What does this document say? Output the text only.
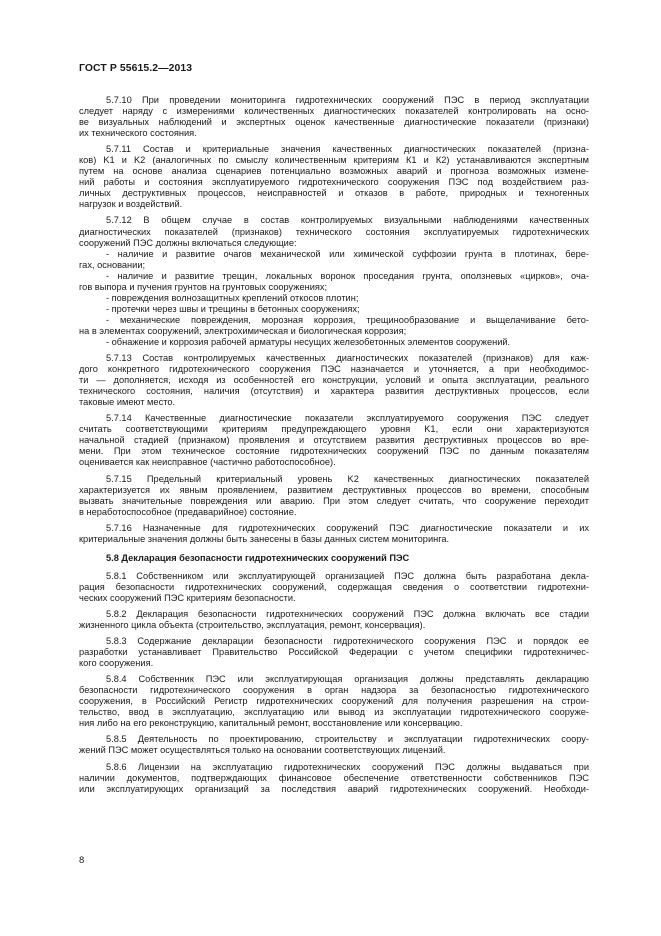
ГОСТ Р 55615.2—2013
5.7.10 При проведении мониторинга гидротехнических сооружений ПЭС в период эксплуатации
следует наряду с измерениями количественных диагностических показателей контролировать на осно-
ве визуальных наблюдений и экспертных оценок качественные диагностические показатели (признаки)
их технического состояния.
5.7.11 Состав и критериальные значения качественных диагностических показателей (призна-
ков) K1 и K2 (аналогичных по смыслу количественным критериям К1 и К2) устанавливаются экспертным
путем на основе анализа сценариев потенциально возможных аварий и прогноза возможных измене-
ний работы и состояния эксплуатируемого гидротехнического сооружения ПЭС под воздействием раз-
личных деструктивных процессов, неисправностей и отказов в работе, природных и техногенных
нагрузок и воздействий.
5.7.12 В общем случае в состав контролируемых визуальными наблюдениями качественных
диагностических показателей (признаков) технического состояния эксплуатируемых гидротехнических
сооружений ПЭС должны включаться следующие:
- наличие и развитие очагов механической или химической суффозии грунта в плотинах, бере-
гах, основании;
- наличие и развитие трещин, локальных воронок проседания грунта, оползневых «цирков», оча-
гов выпора и пучения грунтов на грунтовых сооружениях;
- повреждения волнозащитных креплений откосов плотин;
- протечки через швы и трещины в бетонных сооружениях;
- механические повреждения, морозная коррозия, трещинообразование и выщелачивание бето-
на в элементах сооружений, электрохимическая и биологическая коррозия;
- обнажение и коррозия рабочей арматуры несущих железобетонных элементов сооружений.
5.7.13 Состав контролируемых качественных диагностических показателей (признаков) для каж-
дого конкретного гидротехнического сооружения ПЭС назначается и уточняется, а при необходимос-
ти — дополняется, исходя из особенностей его конструкции, условий и опыта эксплуатации, реального
технического состояния, наличия (отсутствия) и характера развития деструктивных процессов, если
таковые имеют место.
5.7.14 Качественные диагностические показатели эксплуатируемого сооружения ПЭС следует
считать соответствующими критериям предупреждающего уровня K1, если они характеризуются
начальной стадией (признаком) проявления и отсутствием развития деструктивных процессов во вре-
мени. При этом техническое состояние гидротехнических сооружений ПЭС по данным показателям
оценивается как неисправное (частично работоспособное).
5.7.15 Предельный критериальный уровень K2 качественных диагностических показателей
характеризуется их явным проявлением, развитием деструктивных процессов во времени, способным
вызвать значительные повреждения или аварию. При этом следует считать, что сооружение переходит
в неработоспособное (предаварийное) состояние.
5.7.16 Назначенные для гидротехнических сооружений ПЭС диагностические показатели и их
критериальные значения должны быть занесены в базы данных систем мониторинга.
5.8 Декларация безопасности гидротехнических сооружений ПЭС
5.8.1 Собственником или эксплуатирующей организацией ПЭС должна быть разработана декла-
рация безопасности гидротехнических сооружений, содержащая сведения о соответствии гидротехни-
ческих сооружений ПЭС критериям безопасности.
5.8.2 Декларация безопасности гидротехнических сооружений ПЭС должна включать все стадии
жизненного цикла объекта (строительство, эксплуатация, ремонт, консервация).
5.8.3 Содержание декларации безопасности гидротехнического сооружения ПЭС и порядок ее
разработки устанавливает Правительство Российской Федерации с учетом специфики гидротехничес-
кого сооружения.
5.8.4 Собственник ПЭС или эксплуатирующая организация должны представлять декларацию
безопасности гидротехнического сооружения в орган надзора за безопасностью гидротехнического
сооружения, в Российский Регистр гидротехнических сооружений для получения разрешения на строи-
тельство, ввод в эксплуатацию, эксплуатацию или вывод из эксплуатации гидротехнического сооруже-
ния либо на его реконструкцию, капитальный ремонт, восстановление или консервацию.
5.8.5 Деятельность по проектированию, строительству и эксплуатации гидротехнических соору-
жений ПЭС может осуществляться только на основании соответствующих лицензий.
5.8.6 Лицензии на эксплуатацию гидротехнических сооружений ПЭС должны выдаваться при
наличии документов, подтверждающих финансовое обеспечение ответственности собственников ПЭС
или эксплуатирующих организаций за последствия аварий гидротехнических сооружений. Необходи-
8
